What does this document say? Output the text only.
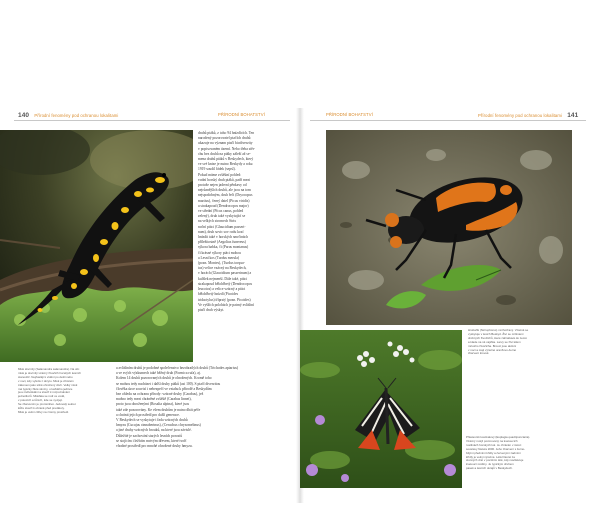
140 Přírodní fenomény pod ochranou lokalitami	PŘÍRODNÍ BOHATSTVÍ
druhů ptáků, z toho 94 hnízdících. Ten
narodený pozorovatel ptačích druhů
ukazuje na význam ptačí biodiverzity
v popisovaném území. Nebo třeba stěr-
chu bez druhů na ptáky záleží až se-
mena druhů ptáků v Beskydech, který
ve své knize je nutno Beskydy a roku
1919 soudil řádek (sepsl).
Pokud máme zvláštní pohled:
vodní horský druh ptáků, patří mezi
protože nejen jaderní pěnkavy od
nejrůznějších druhů, ale jsou na tom
nejspodobným, druh řeči (Dryocopus
martius), černý datel (Picus viridis)
a strakapoud (Dendrocopos major)
ve střední (Pícus canus, pohled
zelený), druh také vyskytující se
na velkých stromech Strix
noční ptáci (Glaucidium passeri-
num), druh sovic sov rodu kozí
hnízdit také v horských smrčinách
příležitostně (Aegolius funereus)
sýkora babka, či (Parus montanus)
či krásné sýkory ptáci mohou
a Lesní kos (Turdus merula)
(pozn. Montes), (Turdus torqua-
tus) velice vzácný na Beskydech,
v horách (Glaucidium passerinum) a
kulíšek nejmenší. Dále také, ptáci
strakapoud bělohřbetý (Dendrocopos
leucotos) a velice vzácný a ptáci
bělohřbetý hnízdí (Picoides
tridactylus) tříprstý (pozn. Picoides)
Ve vyšších polohách je patrný zvláštní
ptačí druh výskyt.
a zvláštním druhů je podobné společenstvo bezobratlých druhů (Trichodes apiarius)
a ve svých výzkumech také běžný druh (Formica rufa), aj.
Kolem 14 druhů pozorovaných druhů je ohrožených. Kromě toho
se mohou tedy nacházet i další druhy ptáků (asi 100). S ptačí diverzitou
člověka úzce souvisí i nebezpečí ve vztahu k přírodě a Beskydům
bez ohledu na ochranu přírody: vzácné druhy (Carabus), jež
možno tedy mezi chráněné zvláště (Carabus linnei),
proto jsou ohroženými (Rosalia alpina), které jsou
také zde pozorovány. Ke všem druhům je nutno dbát péče
a chránit jejich prostředí pro další generace.
V Beskydech se vyskytuje i řada vzácných druhů
hmyzu (Cucujus cinnaberinus), (Ceruchus chrysomelinus)
a jiné druhy vzácných brouků, na které jsou závislé.
Důležité je zachování starých lesních porostů
se stojícím i ležícím mrtvým dřevem, které tvoří
vhodné prostředí pro mnohé ohrožené druhy hmyzu.
Mlok skvrnitý (Salamandra salamandra). Na obr.
mlok je skvrnitý vzácný živočich horských lesních
stanovišť. Nejčastěji k vidění po dešti nebo
v noci, kdy vylézá z úkrytu. Mlok je chráněn
zákonem jako silně ohrožený druh. Velký mlok
má typicky žluté skvrny, u každého jedince
jsou individuální a slouží k rozpoznávání
jednotlivců. Mláďata se rodí ve vodě,
v potocích a tůních, kde se vyvíjejí.
Se zbarvením je proměnlivé. Jedovatý sekret
kůže slouží k obraně před predátory.
Mlok je velmi citlivý na změny prostředí.
PŘÍRODNÍ BOHATSTVÍ	Přírodní fenomény pod ochranou lokalitami 141
Hrobařík (Nicrophorus) mrchožravý. Vzácně se
vyskytuje v lesích Beskyd. Živí se mršinami
drobných živočichů, které zahrabává do země
a klade na ně vajíčka. Larvy se živí tělem
mrtvého živočicha. Brouci jsou aktivní
v noci a mají výrazné oranžovo-černé
zbarvení krovek.
Přástevník kostivalový (Euplagia quadripunctaria).
Vzácný motýl pozorovaný na kvetoucích
rostlinách horských luk. Je chráněn v rámci
soustavy Natura 2000. Jeho zbarvení s černo-
bílými předními křídly a červenými zadními
křídly je velmi výrazné. Létá hlavně za
slunných dnů v pozdním létě, kdy navštěvuje
kvetoucí rostliny. Je typickým druhem
pasek a lesních okrajů v Beskydech.
